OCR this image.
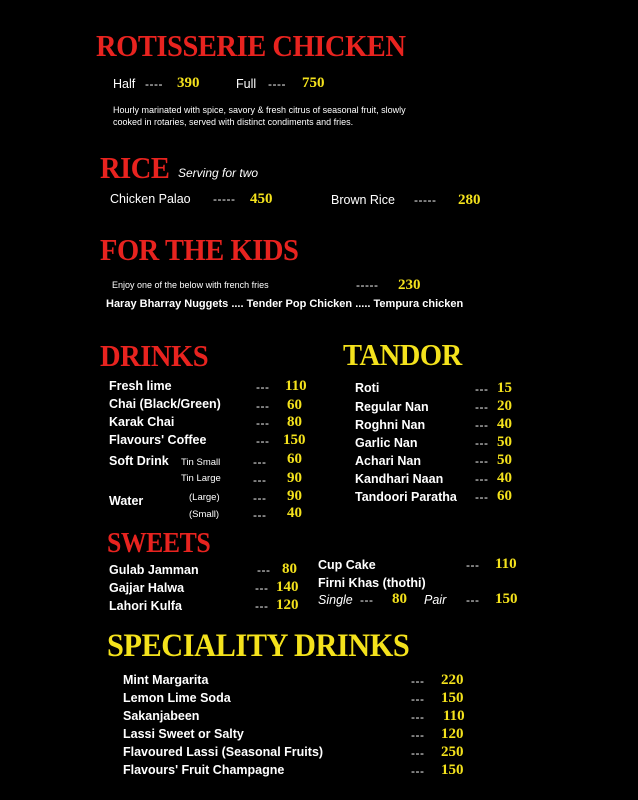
ROTISSERIE CHICKEN
Half ---- 390	Full ---- 750
Hourly marinated with spice, savory & fresh citrus of seasonal fruit, slowly
cooked in rotaries, served with distinct condiments and fries.
RICE Serving for two
Chicken Palao ----- 450	Brown Rice ----- 280
FOR THE KIDS
Enjoy one of the below with french fries	----- 230
Haray Bharray Nuggets .... Tender Pop Chicken ..... Tempura chicken
DRINKS
Fresh lime	--- 110
Chai (Black/Green)	--- 60
Karak Chai	--- 80
Flavours' Coffee	--- 150
Soft Drink Tin Small	--- 60
Tin Large	--- 90
Water	(Large)	--- 90
(Small)	--- 40
TANDOR
Roti	--- 15
Regular Nan	--- 20
Roghni Nan	--- 40
Garlic Nan	--- 50
Achari Nan	--- 50
Kandhari Naan	--- 40
Tandoori Paratha --- 60
SWEETS
Gulab Jamman	--- 80
Gajjar Halwa	--- 140
Lahori Kulfa	--- 120
Cup Cake	--- 110
Firni Khas (thothi)
Single --- 80 Pair --- 150
SPECIALITY DRINKS
Mint Margarita	--- 220
Lemon Lime Soda	--- 150
Sakanjabeen	--- 110
Lassi Sweet or Salty	--- 120
Flavoured Lassi (Seasonal Fruits)	--- 250
Flavours' Fruit Champagne	--- 150
